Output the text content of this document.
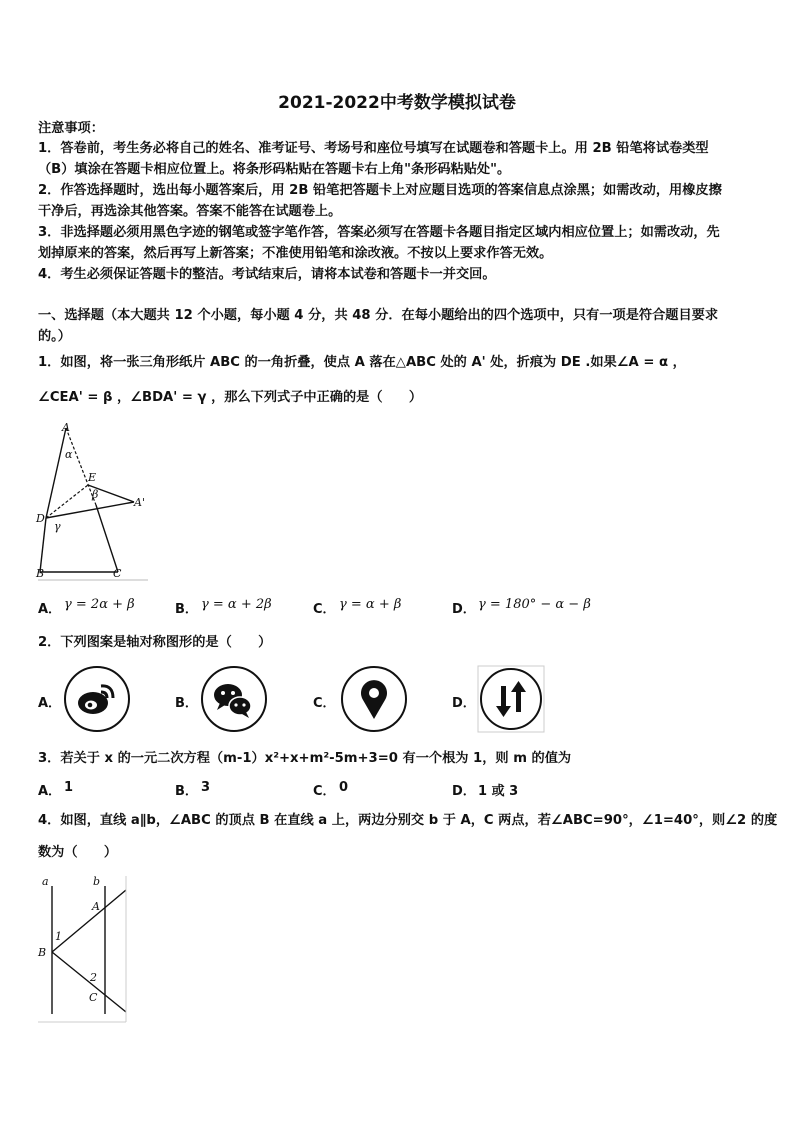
2021-2022中考数学模拟试卷
注意事项：
1．答卷前，考生务必将自己的姓名、准考证号、考场号和座位号填写在试题卷和答题卡上。用 2B 铅笔将试卷类型
（B）填涂在答题卡相应位置上。将条形码粘贴在答题卡右上角"条形码粘贴处"。
2．作答选择题时，选出每小题答案后，用 2B 铅笔把答题卡上对应题目选项的答案信息点涂黑；如需改动，用橡皮擦
干净后，再选涂其他答案。答案不能答在试题卷上。
3．非选择题必须用黑色字迹的钢笔或签字笔作答，答案必须写在答题卡各题目指定区域内相应位置上；如需改动，先
划掉原来的答案，然后再写上新答案；不准使用铅笔和涂改液。不按以上要求作答无效。
4．考生必须保证答题卡的整洁。考试结束后，请将本试卷和答题卡一并交回。
一、选择题（本大题共 12 个小题，每小题 4 分，共 48 分．在每小题给出的四个选项中，只有一项是符合题目要求
的。）
1．如图，将一张三角形纸片 ABC 的一角折叠，使点 A 落在△ABC 处的 A' 处，折痕为 DE .如果∠A = α ，
∠CEA' = β ，∠BDA' = γ ，那么下列式子中正确的是（　　）
A
α
E
β
A'
D
γ
B	C
A． γ = 2α + β	B． γ = α + 2β	C． γ = α + β	D． γ = 180° − α − β
2．下列图案是轴对称图形的是（　　）
A．	B．	C．	D．
3．若关于 x 的一元二次方程（m-1）x²+x+m²-5m+3=0 有一个根为 1，则 m 的值为
A． 1	B． 3	C． 0	D． 1 或 3
4．如图，直线 a∥b，∠ABC 的顶点 B 在直线 a 上，两边分别交 b 于 A，C 两点，若∠ABC=90°，∠1=40°，则∠2 的度
数为（　　）
a	b
A
1
B
2
C
